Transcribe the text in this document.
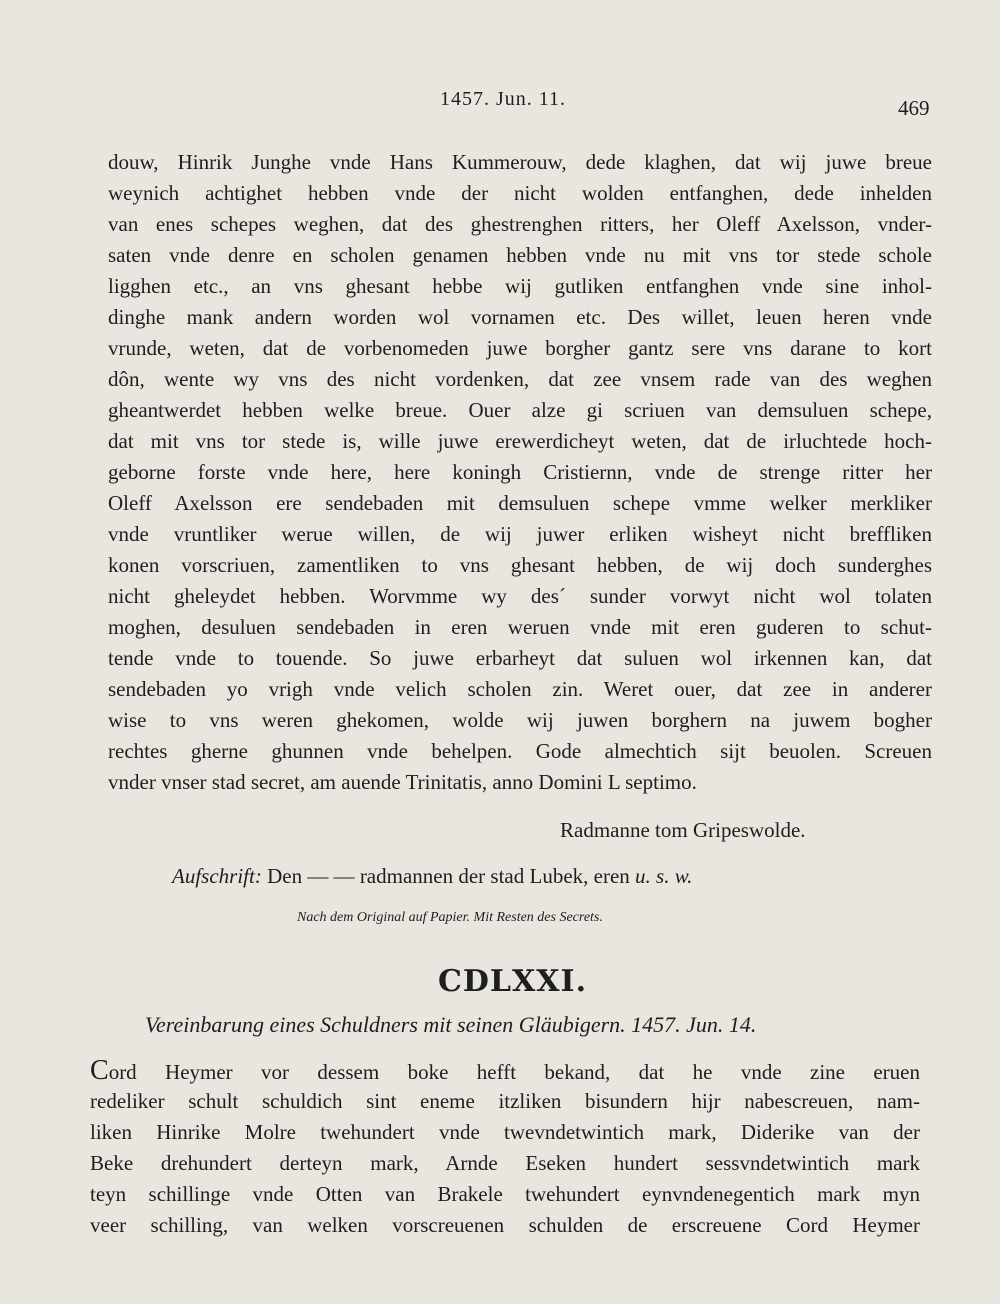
1457. Jun. 11.	469
douw, Hinrik Junghe vnde Hans Kummerouw, dede klaghen, dat wij juwe breue
weynich achtighet hebben vnde der nicht wolden entfanghen, dede inhelden
van enes schepes weghen, dat des ghestrenghen ritters, her Oleff Axelsson, vnder-
saten vnde denre en scholen genamen hebben vnde nu mit vns tor stede schole
ligghen etc., an vns ghesant hebbe wij gutliken entfanghen vnde sine inhol-
dinghe mank andern worden wol vornamen etc. Des willet, leuen heren vnde
vrunde, weten, dat de vorbenomeden juwe borgher gantz sere vns darane to kort
dôn, wente wy vns des nicht vordenken, dat zee vnsem rade van des weghen
gheantwerdet hebben welke breue. Ouer alze gi scriuen van demsuluen schepe,
dat mit vns tor stede is, wille juwe erewerdicheyt weten, dat de irluchtede hoch-
geborne forste vnde here, here koningh Cristiernn, vnde de strenge ritter her
Oleff Axelsson ere sendebaden mit demsuluen schepe vmme welker merkliker
vnde vruntliker werue willen, de wij juwer erliken wisheyt nicht breffliken
konen vorscriuen, zamentliken to vns ghesant hebben, de wij doch sunderghes
nicht gheleydet hebben. Worvmme wy des´ sunder vorwyt nicht wol tolaten
moghen, desuluen sendebaden in eren weruen vnde mit eren guderen to schut-
tende vnde to touende. So juwe erbarheyt dat suluen wol irkennen kan, dat
sendebaden yo vrigh vnde velich scholen zin. Weret ouer, dat zee in anderer
wise to vns weren ghekomen, wolde wij juwen borghern na juwem bogher
rechtes gherne ghunnen vnde behelpen. Gode almechtich sijt beuolen. Screuen
vnder vnser stad secret, am auende Trinitatis, anno Domini L septimo.
Radmanne tom Gripeswolde.
Aufschrift: Den — — radmannen der stad Lubek, eren u. s. w.
Nach dem Original auf Papier. Mit Resten des Secrets.
CDLXXI.
Vereinbarung eines Schuldners mit seinen Gläubigern. 1457. Jun. 14.
Cord Heymer vor dessem boke hefft bekand, dat he vnde zine eruen
redeliker schult schuldich sint eneme itzliken bisundern hijr nabescreuen, nam-
liken Hinrike Molre twehundert vnde twevndetwintich mark, Diderike van der
Beke drehundert derteyn mark, Arnde Eseken hundert sessvndetwintich mark
teyn schillinge vnde Otten van Brakele twehundert eynvndenegentich mark myn
veer schilling, van welken vorscreuenen schulden de erscreuene Cord Heymer
